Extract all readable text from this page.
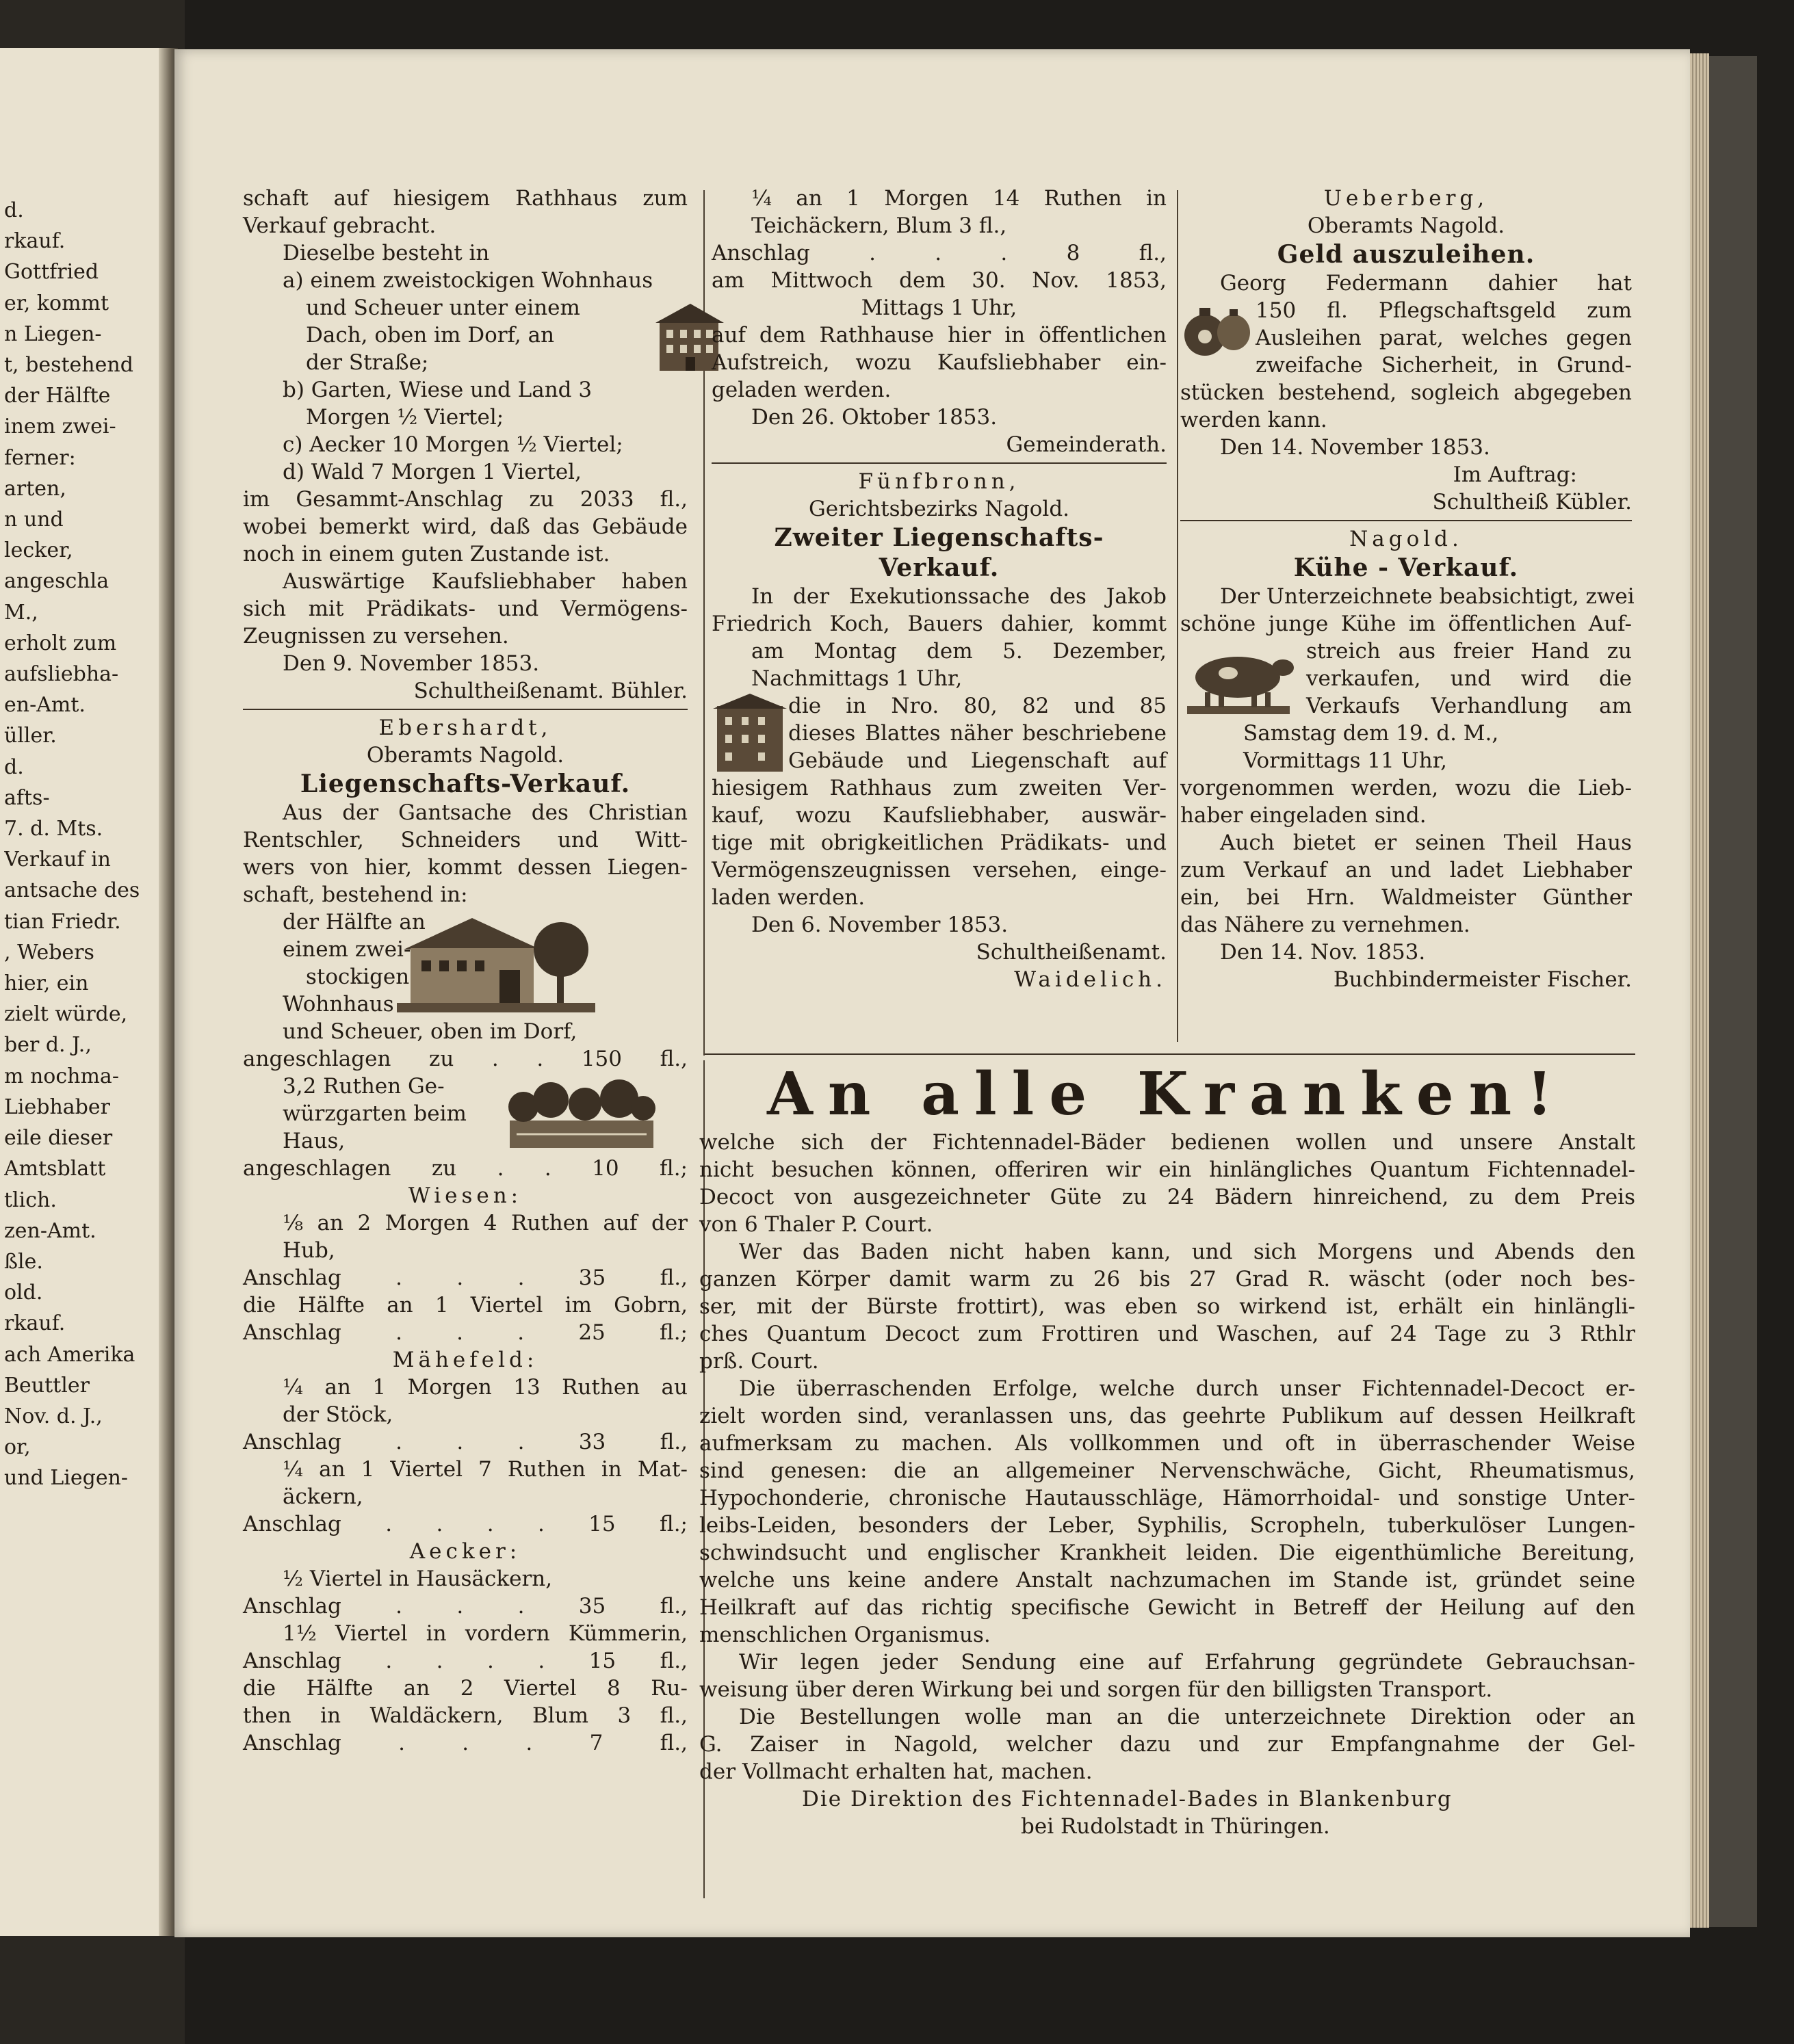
d.
rkauf.
Gottfried
er, kommt
n Liegen-
t, bestehend
der Hälfte
inem zwei-
ferner:
arten,
n und
lecker,
angeschla
M.,
erholt zum
aufsliebha-
en-Amt.
üller.
d.
afts-
7. d. Mts.
Verkauf in
antsache des
tian Friedr.
, Webers
hier, ein
zielt würde,
ber d. J.,
m nochma-
Liebhaber
eile dieser
Amtsblatt
tlich.
zen-Amt.
ßle.
old.
rkauf.
ach Amerika
Beuttler
Nov. d. J.,
or,
und Liegen-
schaft auf hiesigem Rathhaus zum
Verkauf gebracht.
Dieselbe besteht in
a) einem zweistockigen Wohnhaus
und Scheuer unter einem
Dach, oben im Dorf, an
der Straße;
b) Garten, Wiese und Land 3
Morgen ½ Viertel;
c) Aecker 10 Morgen ½ Viertel;
d) Wald 7 Morgen 1 Viertel,
im Gesammt-Anschlag zu 2033 fl.,
wobei bemerkt wird, daß das Gebäude
noch in einem guten Zustande ist.
Auswärtige Kaufsliebhaber haben
sich mit Prädikats- und Vermögens-
Zeugnissen zu versehen.
Den 9. November 1853.
Schultheißenamt. Bühler.
Ebershardt,
Oberamts Nagold.
Liegenschafts-Verkauf.
Aus der Gantsache des Christian
Rentschler, Schneiders und Witt-
wers von hier, kommt dessen Liegen-
schaft, bestehend in:
der Hälfte an
einem zwei-
stockigen
Wohnhaus
und Scheuer, oben im Dorf,
angeschlagen zu . . 150 fl.,
3,2 Ruthen Ge-
würzgarten beim
Haus,
angeschlagen zu . . 10 fl.;
Wiesen:
⅛ an 2 Morgen 4 Ruthen auf der
Hub,
Anschlag . . . 35 fl.,
die Hälfte an 1 Viertel im Gobrn,
Anschlag . . . 25 fl.;
Mähefeld:
¼ an 1 Morgen 13 Ruthen au
der Stöck,
Anschlag . . . 33 fl.,
¼ an 1 Viertel 7 Ruthen in Mat-
äckern,
Anschlag . . . . 15 fl.;
Aecker:
½ Viertel in Hausäckern,
Anschlag . . . 35 fl.,
1½ Viertel in vordern Kümmerin,
Anschlag . . . . 15 fl.,
die Hälfte an 2 Viertel 8 Ru-
then in Waldäckern, Blum 3 fl.,
Anschlag . . . 7 fl.,
¼ an 1 Morgen 14 Ruthen in
Teichäckern, Blum 3 fl.,
Anschlag . . . 8 fl.,
am Mittwoch dem 30. Nov. 1853,
Mittags 1 Uhr,
auf dem Rathhause hier in öffentlichen
Aufstreich, wozu Kaufsliebhaber ein-
geladen werden.
Den 26. Oktober 1853.
Gemeinderath.
Fünfbronn,
Gerichtsbezirks Nagold.
Zweiter Liegenschafts-
Verkauf.
In der Exekutionssache des Jakob
Friedrich Koch, Bauers dahier, kommt
am Montag dem 5. Dezember,
Nachmittags 1 Uhr,
die in Nro. 80, 82 und 85
dieses Blattes näher beschriebene
Gebäude und Liegenschaft auf
hiesigem Rathhaus zum zweiten Ver-
kauf, wozu Kaufsliebhaber, auswär-
tige mit obrigkeitlichen Prädikats- und
Vermögenszeugnissen versehen, einge-
laden werden.
Den 6. November 1853.
Schultheißenamt.
Waidelich.
Ueberberg,
Oberamts Nagold.
Geld auszuleihen.
Georg Federmann dahier hat
150 fl. Pflegschaftsgeld zum
Ausleihen parat, welches gegen
zweifache Sicherheit, in Grund-
stücken bestehend, sogleich abgegeben
werden kann.
Den 14. November 1853.
Im Auftrag:
Schultheiß Kübler.
Nagold.
Kühe - Verkauf.
Der Unterzeichnete beabsichtigt, zwei
schöne junge Kühe im öffentlichen Auf-
streich aus freier Hand zu
verkaufen, und wird die
Verkaufs Verhandlung am
Samstag dem 19. d. M.,
Vormittags 11 Uhr,
vorgenommen werden, wozu die Lieb-
haber eingeladen sind.
Auch bietet er seinen Theil Haus
zum Verkauf an und ladet Liebhaber
ein, bei Hrn. Waldmeister Günther
das Nähere zu vernehmen.
Den 14. Nov. 1853.
Buchbindermeister Fischer.
An alle Kranken!
welche sich der Fichtennadel-Bäder bedienen wollen und unsere Anstalt
nicht besuchen können, offeriren wir ein hinlängliches Quantum Fichtennadel-
Decoct von ausgezeichneter Güte zu 24 Bädern hinreichend, zu dem Preis
von 6 Thaler P. Court.
Wer das Baden nicht haben kann, und sich Morgens und Abends den
ganzen Körper damit warm zu 26 bis 27 Grad R. wäscht (oder noch bes-
ser, mit der Bürste frottirt), was eben so wirkend ist, erhält ein hinlängli-
ches Quantum Decoct zum Frottiren und Waschen, auf 24 Tage zu 3 Rthlr
prß. Court.
Die überraschenden Erfolge, welche durch unser Fichtennadel-Decoct er-
zielt worden sind, veranlassen uns, das geehrte Publikum auf dessen Heilkraft
aufmerksam zu machen. Als vollkommen und oft in überraschender Weise
sind genesen: die an allgemeiner Nervenschwäche, Gicht, Rheumatismus,
Hypochonderie, chronische Hautausschläge, Hämorrhoidal- und sonstige Unter-
leibs-Leiden, besonders der Leber, Syphilis, Scropheln, tuberkulöser Lungen-
schwindsucht und englischer Krankheit leiden. Die eigenthümliche Bereitung,
welche uns keine andere Anstalt nachzumachen im Stande ist, gründet seine
Heilkraft auf das richtig specifische Gewicht in Betreff der Heilung auf den
menschlichen Organismus.
Wir legen jeder Sendung eine auf Erfahrung gegründete Gebrauchsan-
weisung über deren Wirkung bei und sorgen für den billigsten Transport.
Die Bestellungen wolle man an die unterzeichnete Direktion oder an
G. Zaiser in Nagold, welcher dazu und zur Empfangnahme der Gel-
der Vollmacht erhalten hat, machen.
Die Direktion des Fichtennadel-Bades in Blankenburg
bei Rudolstadt in Thüringen.
